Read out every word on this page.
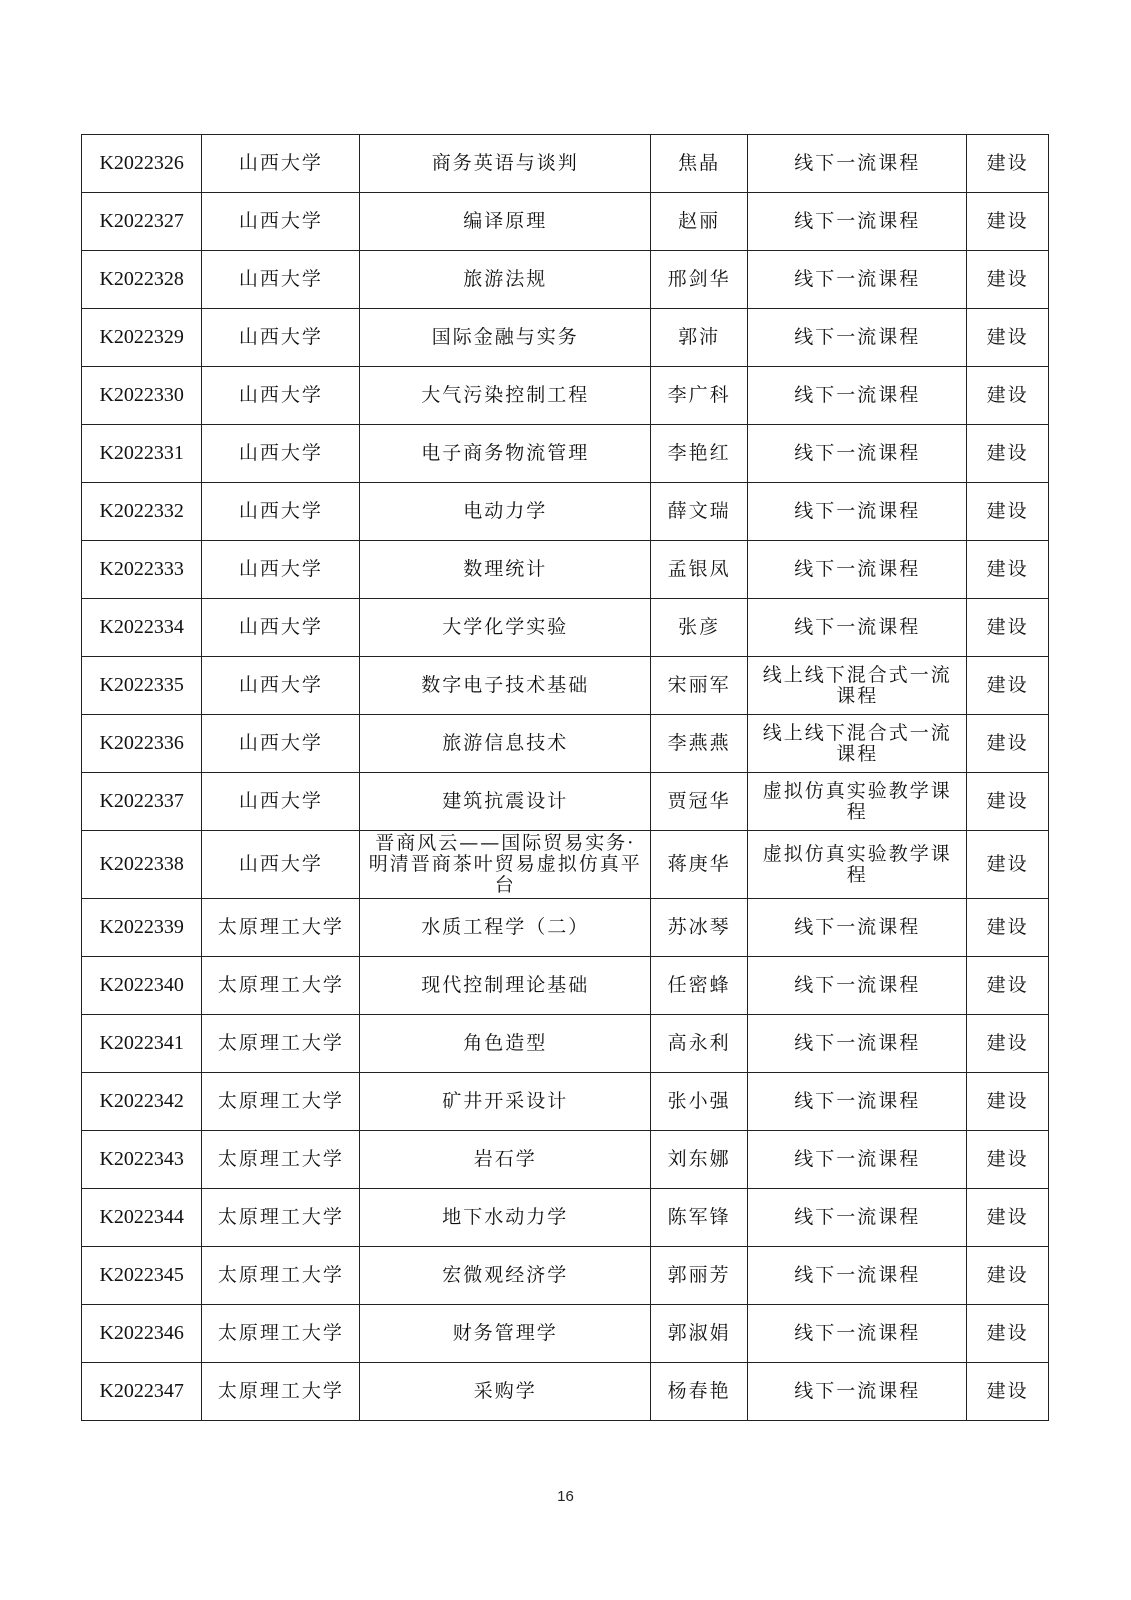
K2022326	山西大学	商务英语与谈判	焦晶	线下一流课程	建设
K2022327	山西大学	编译原理	赵丽	线下一流课程	建设
K2022328	山西大学	旅游法规	邢剑华	线下一流课程	建设
K2022329	山西大学	国际金融与实务	郭沛	线下一流课程	建设
K2022330	山西大学	大气污染控制工程	李广科	线下一流课程	建设
K2022331	山西大学	电子商务物流管理	李艳红	线下一流课程	建设
K2022332	山西大学	电动力学	薛文瑞	线下一流课程	建设
K2022333	山西大学	数理统计	孟银凤	线下一流课程	建设
K2022334	山西大学	大学化学实验	张彦	线下一流课程	建设
K2022335	山西大学	数字电子技术基础	宋丽军	线上线下混合式一流课程	建设
K2022336	山西大学	旅游信息技术	李燕燕	线上线下混合式一流课程	建设
K2022337	山西大学	建筑抗震设计	贾冠华	虚拟仿真实验教学课程	建设
K2022338	山西大学	晋商风云——国际贸易实务·明清晋商茶叶贸易虚拟仿真平台	蒋庚华	虚拟仿真实验教学课程	建设
K2022339	太原理工大学	水质工程学（二）	苏冰琴	线下一流课程	建设
K2022340	太原理工大学	现代控制理论基础	任密蜂	线下一流课程	建设
K2022341	太原理工大学	角色造型	高永利	线下一流课程	建设
K2022342	太原理工大学	矿井开采设计	张小强	线下一流课程	建设
K2022343	太原理工大学	岩石学	刘东娜	线下一流课程	建设
K2022344	太原理工大学	地下水动力学	陈军锋	线下一流课程	建设
K2022345	太原理工大学	宏微观经济学	郭丽芳	线下一流课程	建设
K2022346	太原理工大学	财务管理学	郭淑娟	线下一流课程	建设
K2022347	太原理工大学	采购学	杨春艳	线下一流课程	建设
16
